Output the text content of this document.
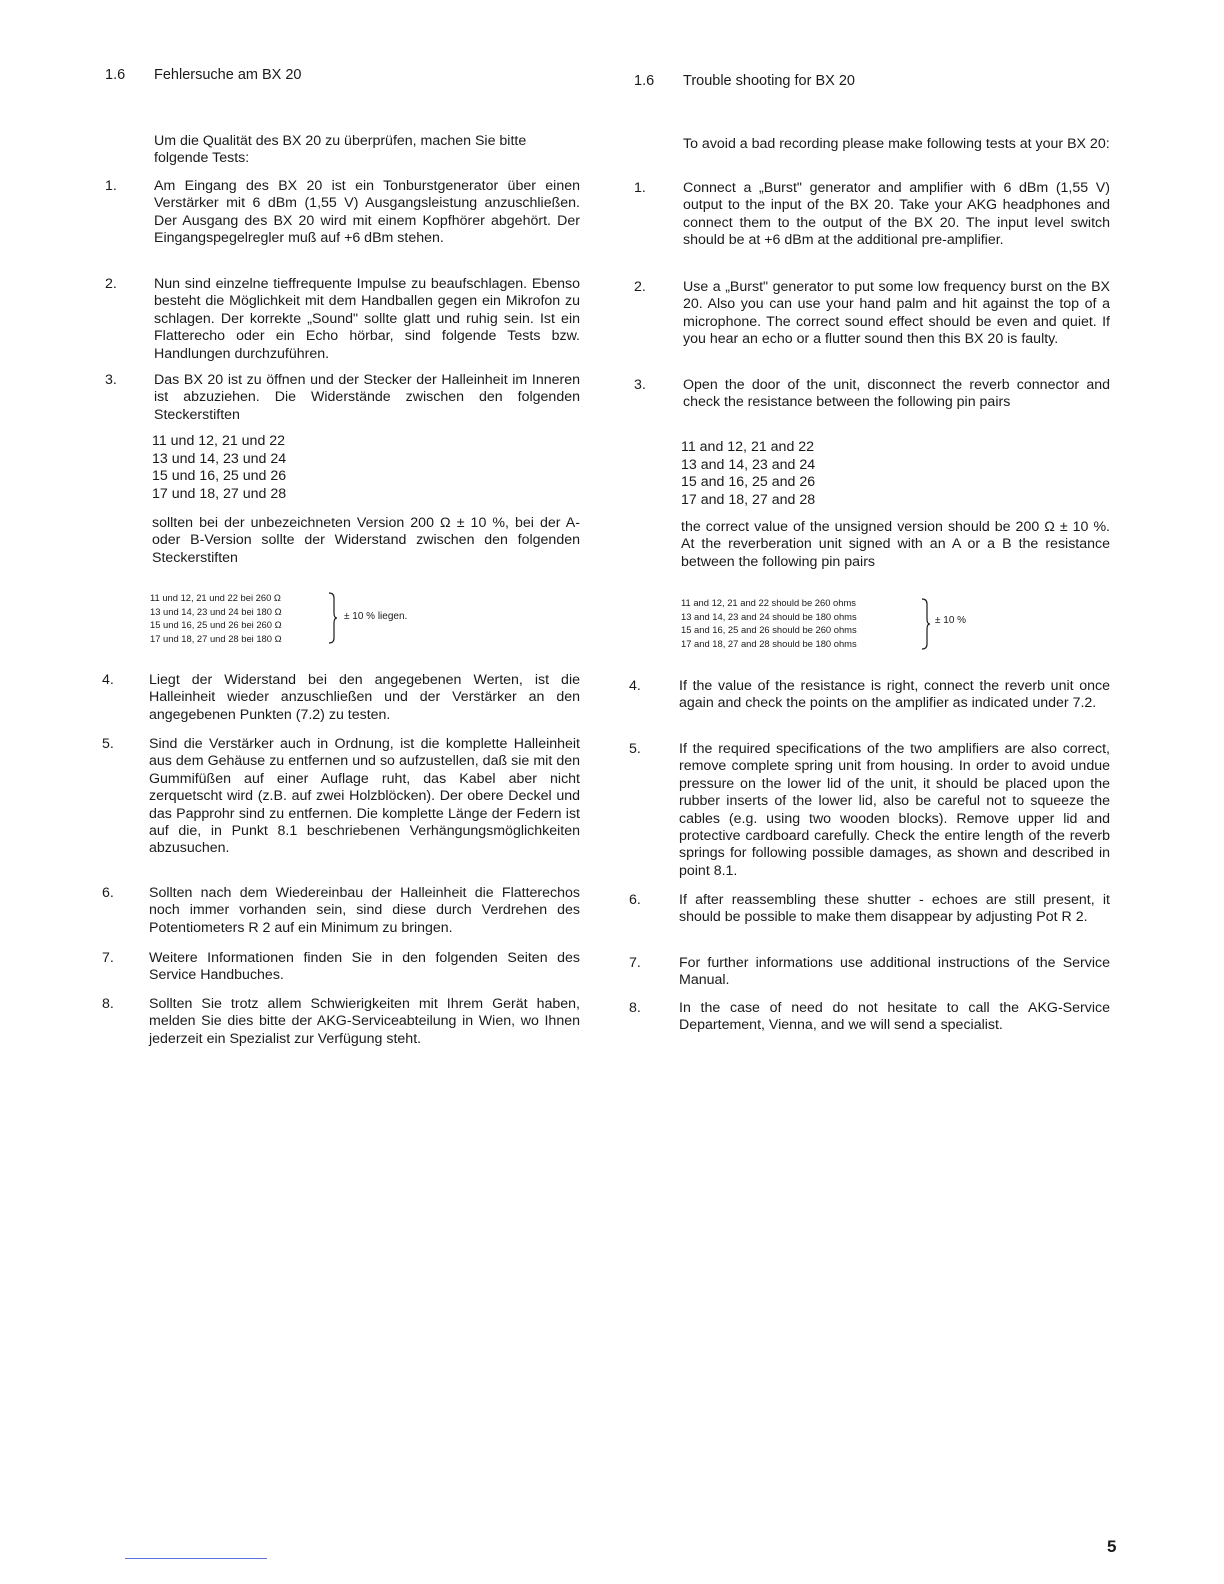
1.6 Fehlersuche am BX 20
Um die Qualität des BX 20 zu überprüfen, machen Sie bitte folgende Tests:
1.	Am Eingang des BX 20 ist ein Tonburstgenerator über einen Verstärker mit 6 dBm (1,55 V) Ausgangsleistung anzuschließen. Der Ausgang des BX 20 wird mit einem Kopfhörer abgehört. Der Eingangspegelregler muß auf +6 dBm stehen.
2.	Nun sind einzelne tieffrequente Impulse zu beaufschlagen. Ebenso besteht die Möglichkeit mit dem Handballen gegen ein Mikrofon zu schlagen. Der korrekte „Sound" sollte glatt und ruhig sein. Ist ein Flatterecho oder ein Echo hörbar, sind folgende Tests bzw. Handlungen durchzuführen.
3.	Das BX 20 ist zu öffnen und der Stecker der Halleinheit im Inneren ist abzuziehen. Die Widerstände zwischen den folgenden Steckerstiften
11 und 12, 21 und 22
13 und 14, 23 und 24
15 und 16, 25 und 26
17 und 18, 27 und 28
sollten bei der unbezeichneten Version 200 Ω ± 10 %, bei der A- oder B-Version sollte der Widerstand zwischen den folgenden Steckerstiften
11 und 12, 21 und 22 bei 260 Ω
13 und 14, 23 und 24 bei 180 Ω
15 und 16, 25 und 26 bei 260 Ω
17 und 18, 27 und 28 bei 180 Ω
± 10 % liegen.
4. Liegt der Widerstand bei den angegebenen Werten, ist die Halleinheit wieder anzuschließen und der Verstärker an den angegebenen Punkten (7.2) zu testen.
5. Sind die Verstärker auch in Ordnung, ist die komplette Halleinheit aus dem Gehäuse zu entfernen und so aufzustellen, daß sie mit den Gummifüßen auf einer Auflage ruht, das Kabel aber nicht zerquetscht wird (z.B. auf zwei Holzblöcken). Der obere Deckel und das Papprohr sind zu entfernen. Die komplette Länge der Federn ist auf die, in Punkt 8.1 beschriebenen Verhängungsmöglichkeiten abzusuchen.
6. Sollten nach dem Wiedereinbau der Halleinheit die Flatterechos noch immer vorhanden sein, sind diese durch Verdrehen des Potentiometers R 2 auf ein Minimum zu bringen.
7. Weitere Informationen finden Sie in den folgenden Seiten des Service Handbuches.
8. Sollten Sie trotz allem Schwierigkeiten mit Ihrem Gerät haben, melden Sie dies bitte der AKG-Serviceabteilung in Wien, wo Ihnen jederzeit ein Spezialist zur Verfügung steht.
1.6 Trouble shooting for BX 20
To avoid a bad recording please make following tests at your BX 20:
1.	Connect a „Burst" generator and amplifier with 6 dBm (1,55 V) output to the input of the BX 20. Take your AKG headphones and connect them to the output of the BX 20. The input level switch should be at +6 dBm at the additional pre-amplifier.
2.	Use a „Burst" generator to put some low frequency burst on the BX 20. Also you can use your hand palm and hit against the top of a microphone. The correct sound effect should be even and quiet. If you hear an echo or a flutter sound then this BX 20 is faulty.
3.	Open the door of the unit, disconnect the reverb connector and check the resistance between the following pin pairs
11 and 12, 21 and 22
13 and 14, 23 and 24
15 and 16, 25 and 26
17 and 18, 27 and 28
the correct value of the unsigned version should be 200 Ω ± 10 %. At the reverberation unit signed with an A or a B the resistance between the following pin pairs
11 and 12, 21 and 22 should be 260 ohms
13 and 14, 23 and 24 should be 180 ohms
15 and 16, 25 and 26 should be 260 ohms
17 and 18, 27 and 28 should be 180 ohms
± 10 %
4.	If the value of the resistance is right, connect the reverb unit once again and check the points on the amplifier as indicated under 7.2.
5.	If the required specifications of the two amplifiers are also correct, remove complete spring unit from housing. In order to avoid undue pressure on the lower lid of the unit, it should be placed upon the rubber inserts of the lower lid, also be careful not to squeeze the cables (e.g. using two wooden blocks). Remove upper lid and protective cardboard carefully. Check the entire length of the reverb springs for following possible damages, as shown and described in point 8.1.
6.	If after reassembling these shutter - echoes are still present, it should be possible to make them disappear by adjusting Pot R 2.
7.	For further informations use additional instructions of the Service Manual.
8.	In the case of need do not hesitate to call the AKG-Service Departement, Vienna, and we will send a specialist.
5
